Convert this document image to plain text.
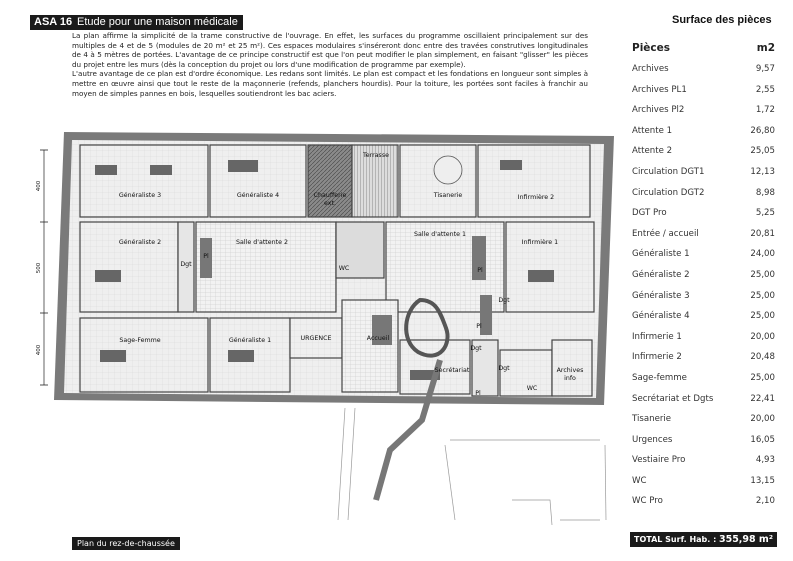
ASA 16 Etude pour une maison médicale

La plan affirme la simplicité de la trame constructive de l'ouvrage. En effet, les surfaces du programme oscillaient principalement sur des multiples de 4 et de 5 (modules de 20 m² et 25 m²). Ces espaces modulaires s'inséreront donc entre des travées construtives longitudinales de 4 à 5 mètres de portées. L'avantage de ce principe constructif est que l'on peut modifier le plan simplement, en faisant "glisser" les pièces du projet entre les murs (dès la conception du projet ou lors d'une modification de programme par exemple).

L'autre avantage de ce plan est d'ordre économique. Les redans sont limités. Le plan est compact et les fondations en longueur sont simples à mettre en œuvre ainsi que tout le reste de la maçonnerie (refends, planchers hourdis). Pour la toiture, les portées sont faciles à franchir au moyen de simples pannes en bois, lesquelles soutiendront les bac aciers.

400
500
400
Généraliste 3	Généraliste 4	Chaufferie
ext.
Terrasse
Tisanerie	Infirmière 2
Généraliste 2	Salle d'attente 2
Pl
Dgt
WC
Salle d'attente 1
Pl
Infirmière 1
Dgt
Pl
Sage-Femme	Généraliste 1	URGENCE	Accueil
Secrétariat
Dgt
Dgt
Pl
WC
Archives
info
Plan du rez-de-chaussée
Surface des pièces
Pièces	m2
Archives	9,57
Archives PL1	2,55
Archives Pl2	1,72
Attente 1	26,80
Attente 2	25,05
Circulation DGT1	12,13
Circulation DGT2	8,98
DGT Pro	5,25
Entrée / accueil	20,81
Généraliste 1	24,00
Généraliste 2	25,00
Généraliste 3	25,00
Généraliste 4	25,00
Infirmerie 1	20,00
Infirmerie 2	20,48
Sage-femme	25,00
Secrétariat et Dgts	22,41
Tisanerie	20,00
Urgences	16,05
Vestiaire Pro	4,93
WC	13,15
WC Pro	2,10
TOTAL Surf. Hab. : 355,98 m²
